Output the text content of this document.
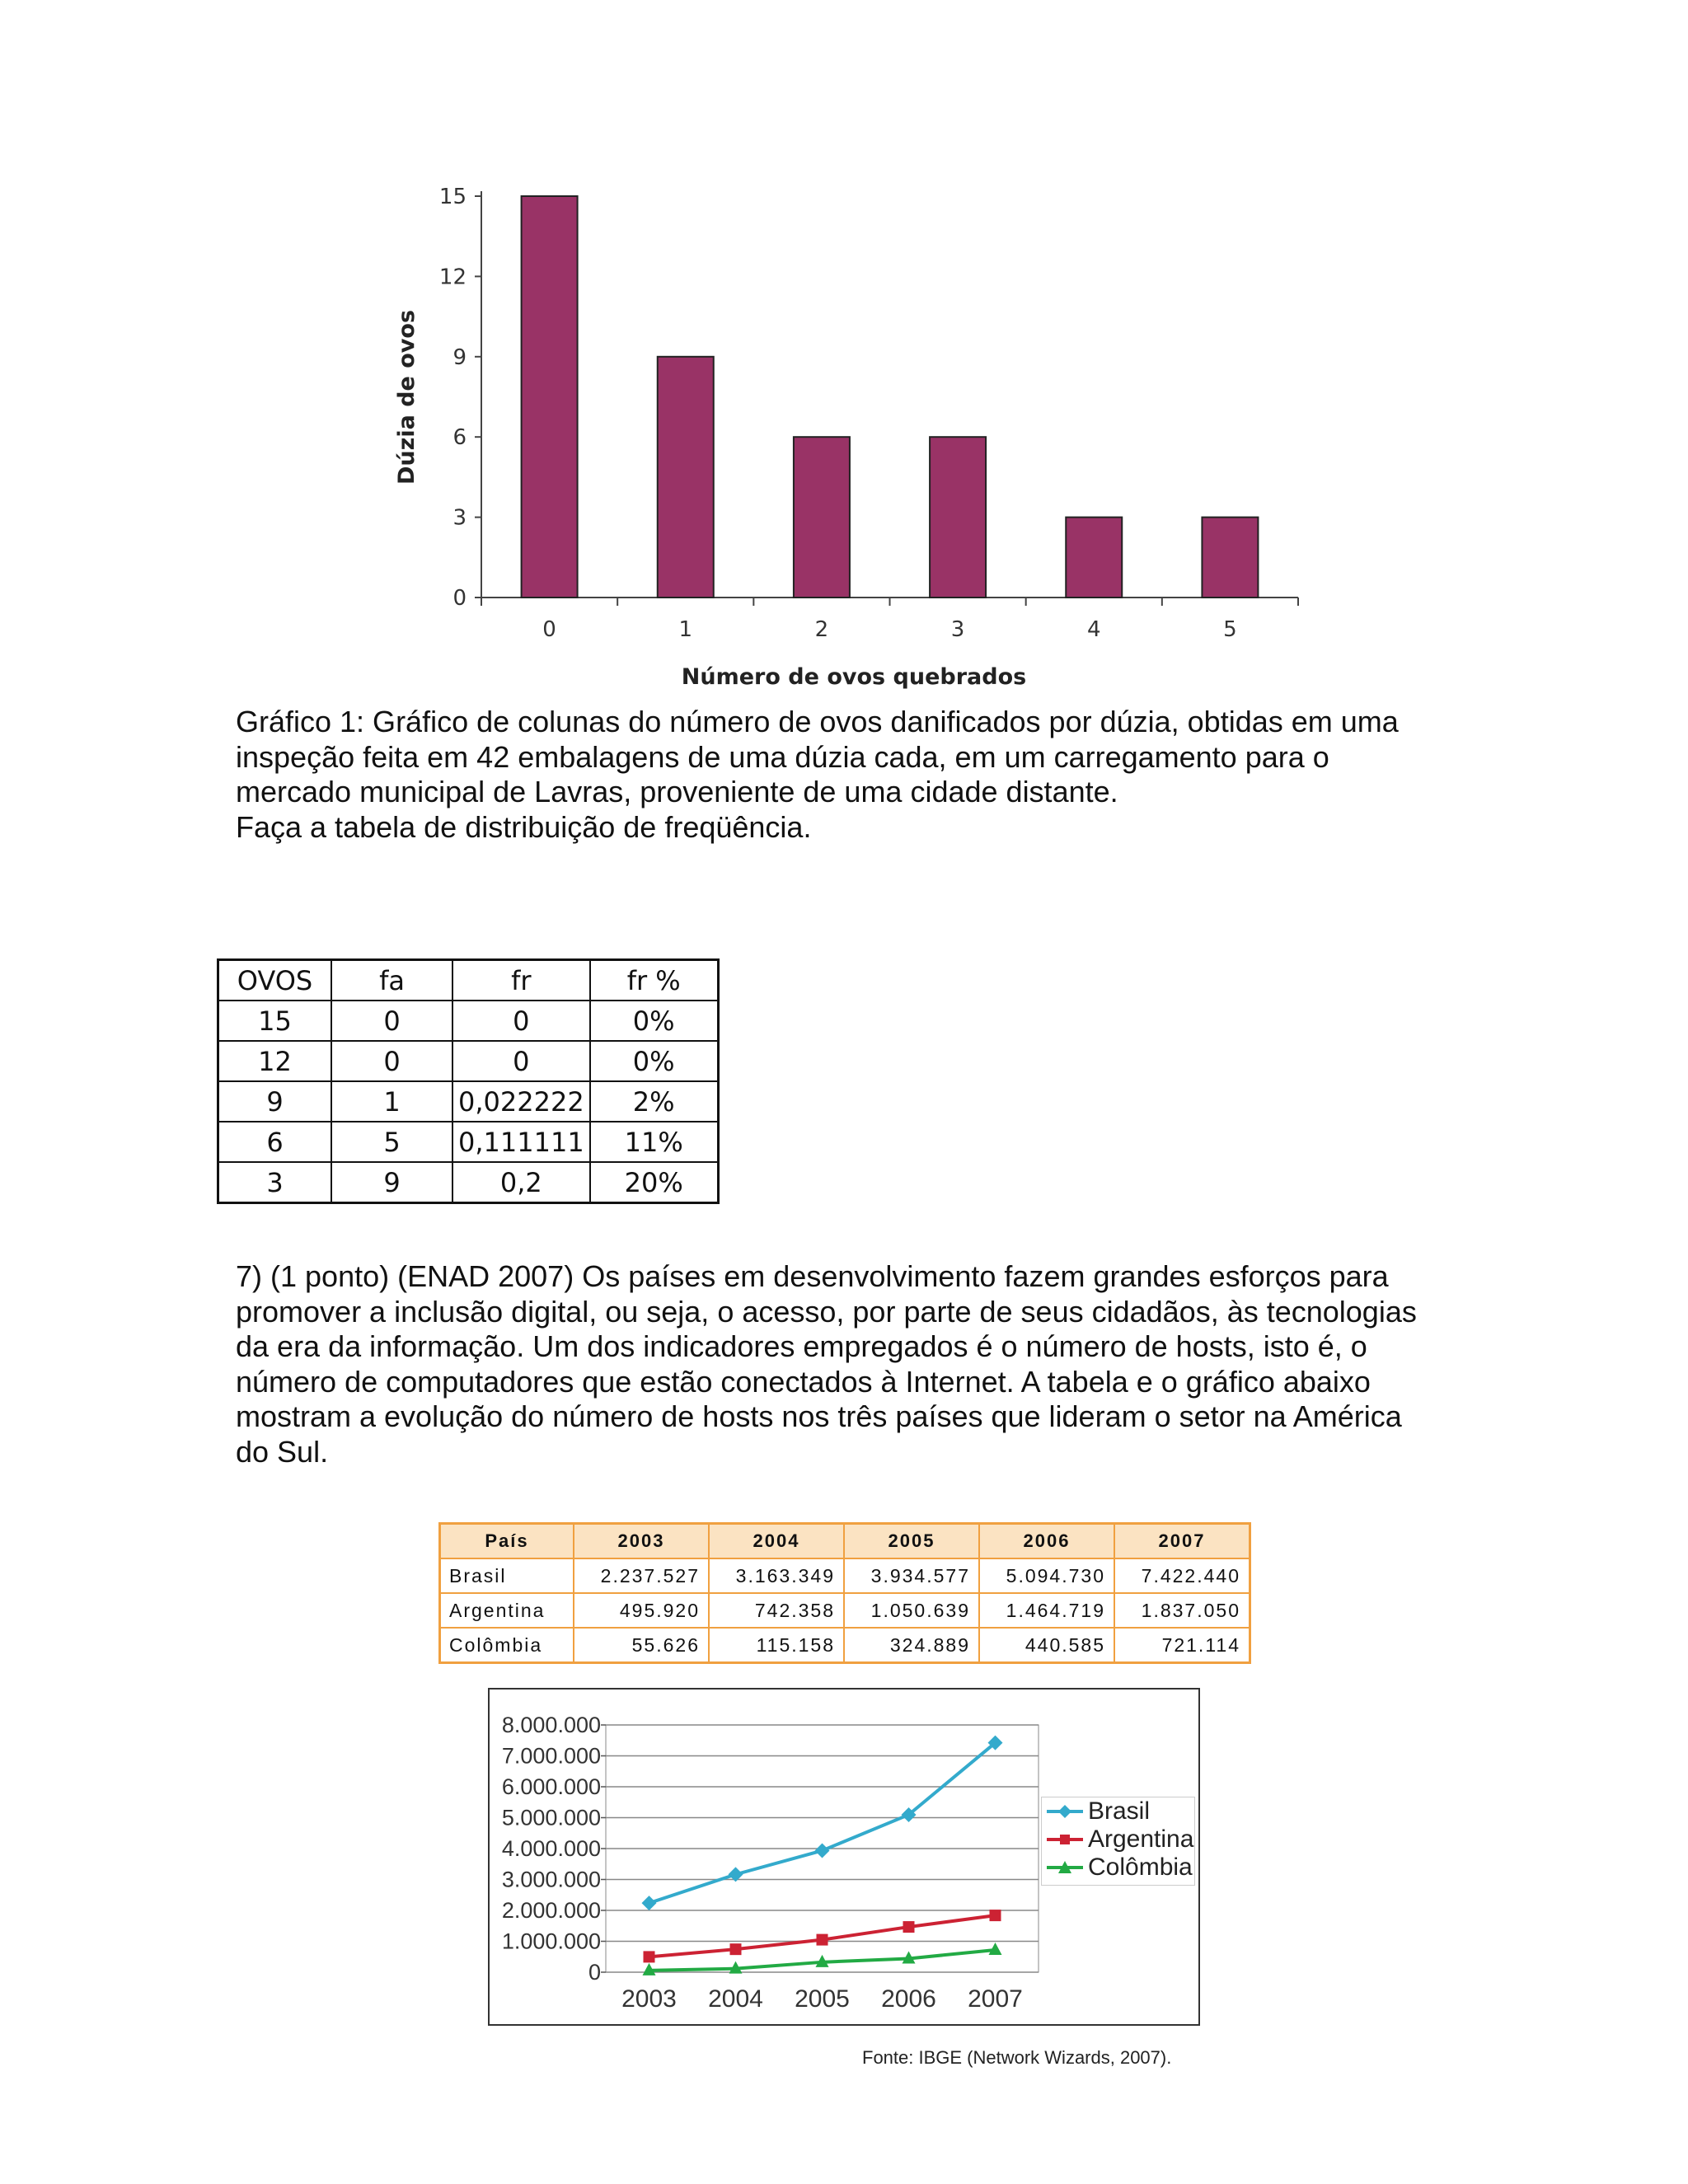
0
3
6
9
12
15
0	1	2	3	4	5
Número de ovos quebrados
Dúzia de ovos
Gráfico 1: Gráfico de colunas do número de ovos danificados por dúzia, obtidas em uma
inspeção feita em 42 embalagens de uma dúzia cada, em um carregamento para o
mercado municipal de Lavras, proveniente de uma cidade distante.
Faça a tabela de distribuição de freqüência.
OVOS	fa	fr	fr %
15	0	0	0%
12	0	0	0%
9	1	0,022222	2%
6	5	0,111111	11%
3	9	0,2	20%
7) (1 ponto) (ENAD 2007) Os países em desenvolvimento fazem grandes esforços para
promover a inclusão digital, ou seja, o acesso, por parte de seus cidadãos, às tecnologias
da era da informação. Um dos indicadores empregados é o número de hosts, isto é, o
número de computadores que estão conectados à Internet. A tabela e o gráfico abaixo
mostram a evolução do número de hosts nos três países que lideram o setor na América
do Sul.
País	2003	2004	2005	2006	2007
Brasil	2.237.527	3.163.349	3.934.577	5.094.730	7.422.440
Argentina	495.920	742.358	1.050.639	1.464.719	1.837.050
Colômbia	55.626	115.158	324.889	440.585	721.114
0
1.000.000
2.000.000
3.000.000
4.000.000
5.000.000
6.000.000
7.000.000
8.000.000
2003 2004 2005 2006 2007
Brasil
Argentina
Colômbia
Fonte: IBGE (Network Wizards, 2007).
